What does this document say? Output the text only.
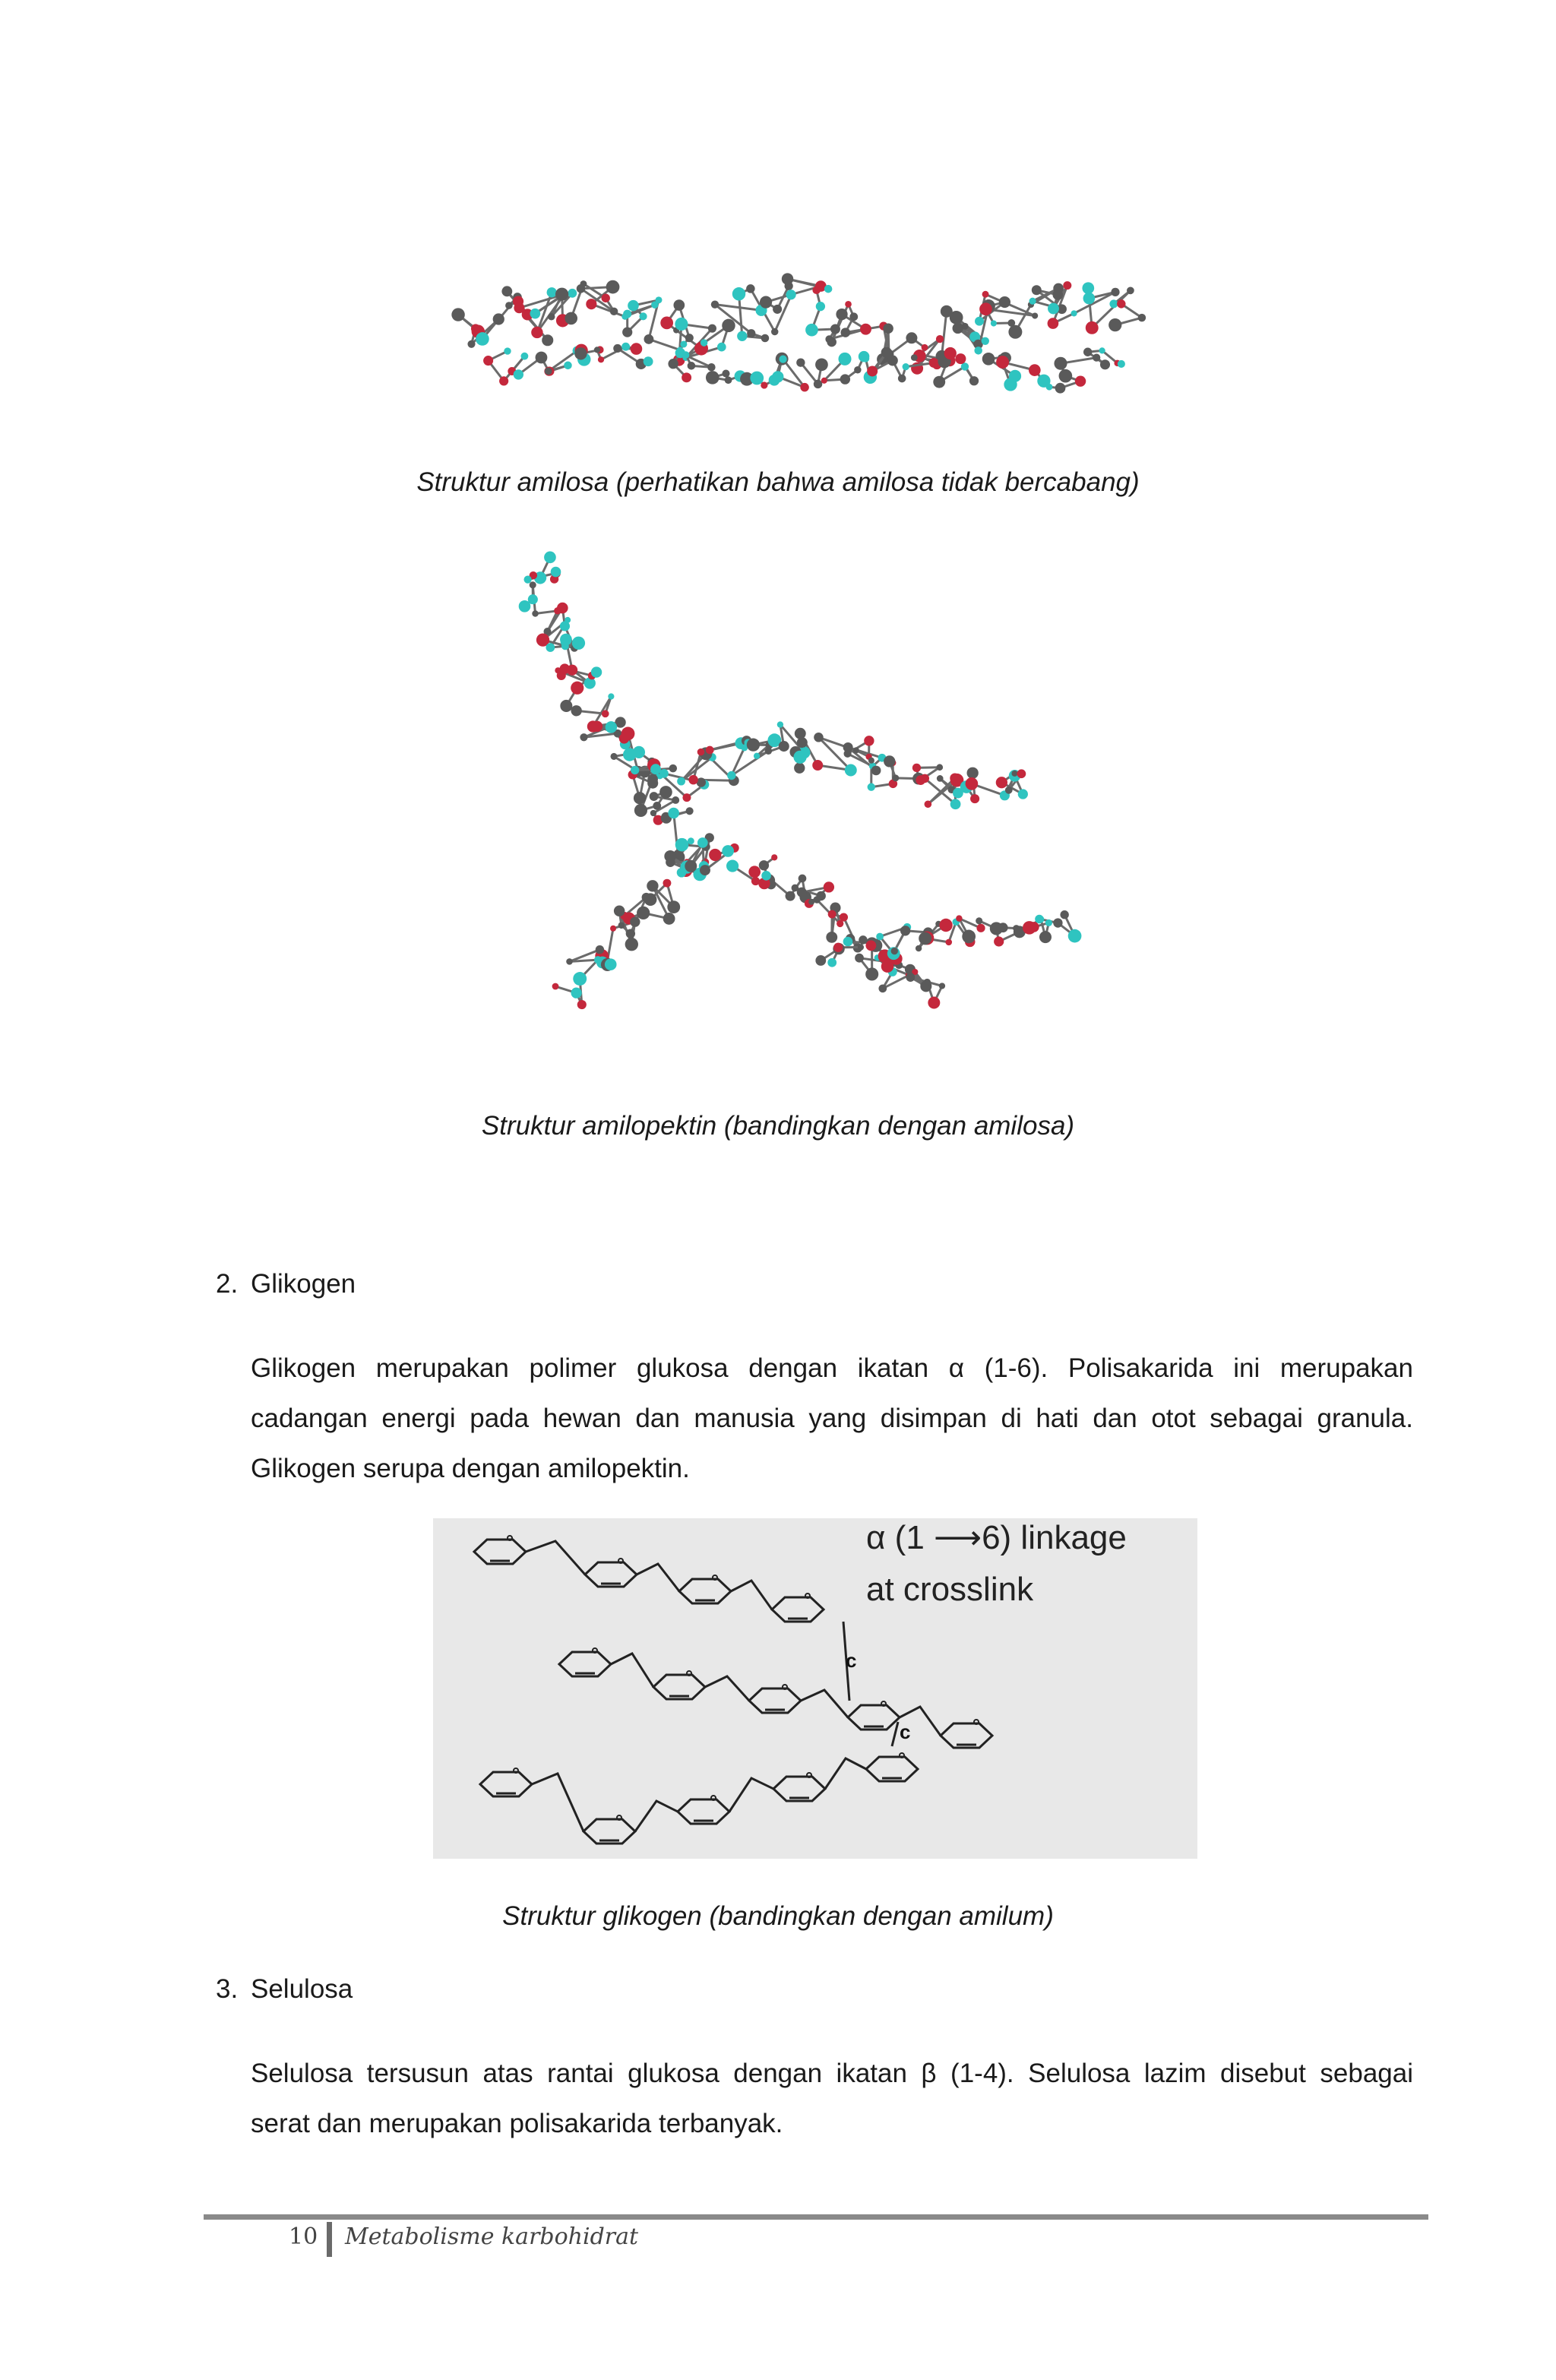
Struktur amilosa (perhatikan bahwa amilosa tidak bercabang)
Struktur amilopektin (bandingkan dengan amilosa)
2. Glikogen
Glikogen merupakan polimer glukosa dengan ikatan α (1-6). Polisakarida ini merupakan
cadangan energi pada hewan dan manusia yang disimpan di hati dan otot sebagai granula.
Glikogen serupa dengan amilopektin.
α (1 ⟶6) linkage
at crosslink
c
c
Struktur glikogen (bandingkan dengan amilum)
3. Selulosa
Selulosa tersusun atas rantai glukosa dengan ikatan β (1-4). Selulosa lazim disebut sebagai
serat dan merupakan polisakarida terbanyak.
10 Metabolisme karbohidrat
